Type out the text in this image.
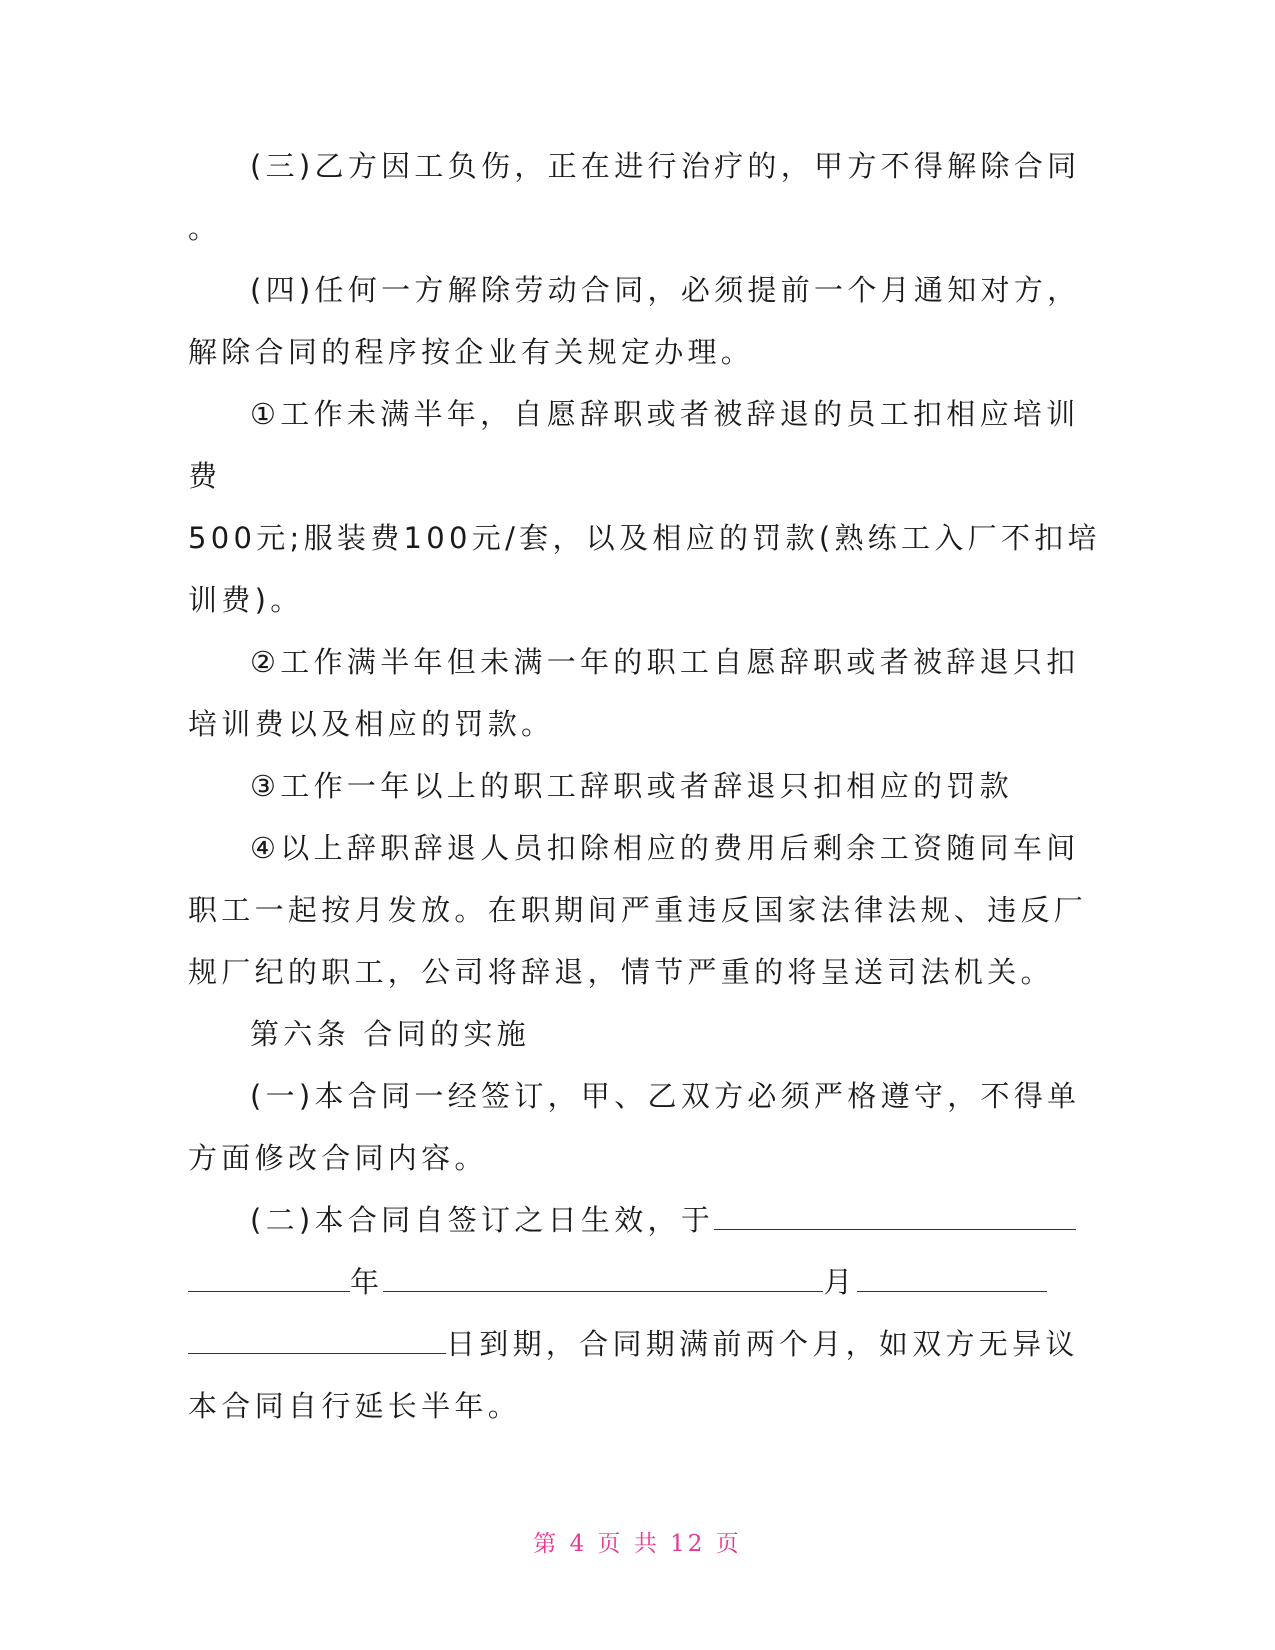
(三)乙方因工负伤，正在进行治疗的，甲方不得解除合同
。
(四)任何一方解除劳动合同，必须提前一个月通知对方，
解除合同的程序按企业有关规定办理。
①工作未满半年，自愿辞职或者被辞退的员工扣相应培训
费
500元;服装费100元/套，以及相应的罚款(熟练工入厂不扣培
训费)。
②工作满半年但未满一年的职工自愿辞职或者被辞退只扣
培训费以及相应的罚款。
③工作一年以上的职工辞职或者辞退只扣相应的罚款
④以上辞职辞退人员扣除相应的费用后剩余工资随同车间
职工一起按月发放。在职期间严重违反国家法律法规、违反厂
规厂纪的职工，公司将辞退，情节严重的将呈送司法机关。
第六条 合同的实施
(一)本合同一经签订，甲、乙双方必须严格遵守，不得单
方面修改合同内容。
(二)本合同自签订之日生效，于
年	月
日到期，合同期满前两个月，如双方无异议
本合同自行延长半年。
第 4 页 共 12 页
